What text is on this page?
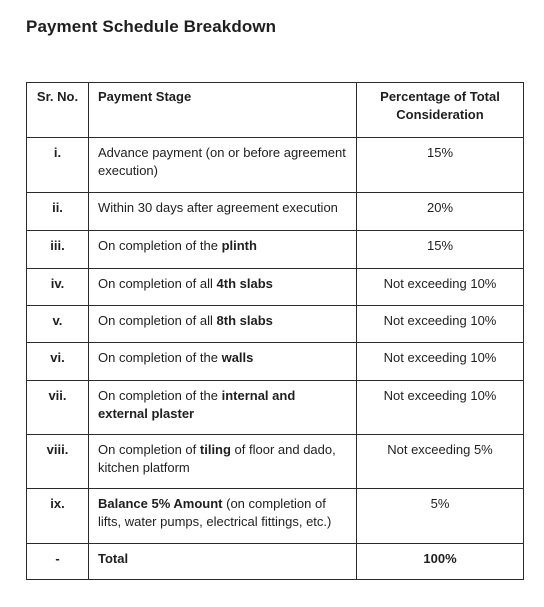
Payment Schedule Breakdown
Sr. No.	Payment Stage	Percentage of Total Consideration

i.	Advance payment (on or before agreement execution)	15%

ii.	Within 30 days after agreement execution	20%

iii.	On completion of the plinth	15%

iv.	On completion of all 4th slabs	Not exceeding 10%

v.	On completion of all 8th slabs	Not exceeding 10%

vi.	On completion of the walls	Not exceeding 10%

vii.	On completion of the internal and external plaster	Not exceeding 10%

viii.	On completion of tiling of floor and dado, kitchen platform	Not exceeding 5%

ix.	Balance 5% Amount (on completion of lifts, water pumps, electrical fittings, etc.)	5%

-	Total	100%
